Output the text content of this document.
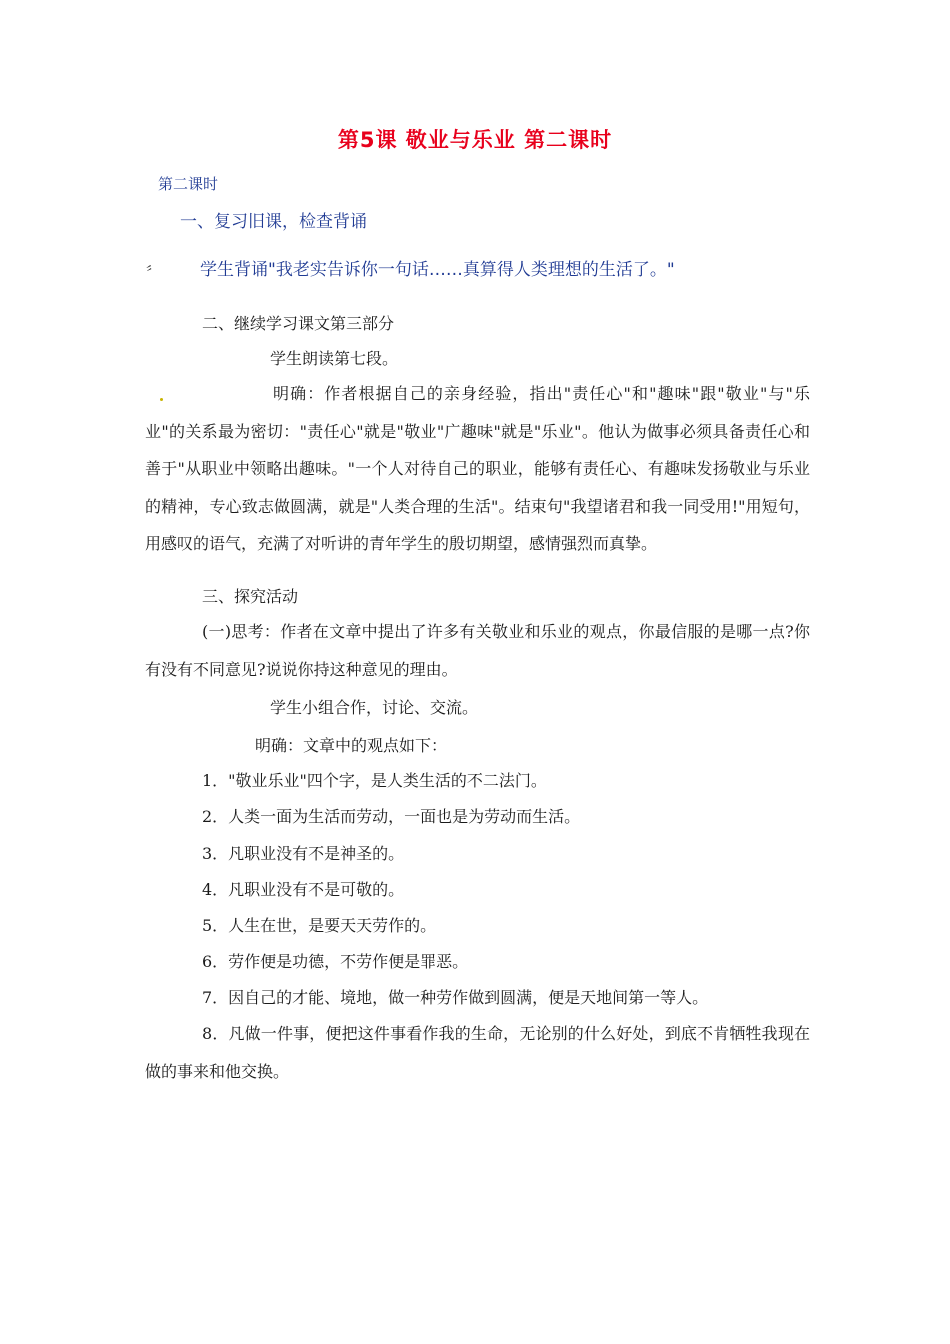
第5课 敬业与乐业 第二课时
第二课时
一、复习旧课，检查背诵
〞 学生背诵"我老实告诉你一句话……真算得人类理想的生活了。"
二、继续学习课文第三部分
学生朗读第七段。
明确：作者根据自己的亲身经验，指出"责任心"和"趣味"跟"敬业"与"乐业"的关系最为密切："责任心"就是"敬业"广趣味"就是"乐业"。他认为做事必须具备责任心和善于"从职业中领略出趣味。"一个人对待自己的职业，能够有责任心、有趣味发扬敬业与乐业的精神，专心致志做圆满，就是"人类合理的生活"。结束句"我望诸君和我一同受用!"用短句，用感叹的语气，充满了对听讲的青年学生的殷切期望，感情强烈而真挚。
三、探究活动
(一)思考：作者在文章中提出了许多有关敬业和乐业的观点，你最信服的是哪一点?你有没有不同意见?说说你持这种意见的理由。
学生小组合作，讨论、交流。
明确：文章中的观点如下：
1．"敬业乐业"四个字，是人类生活的不二法门。
2．人类一面为生活而劳动，一面也是为劳动而生活。
3．凡职业没有不是神圣的。
4．凡职业没有不是可敬的。
5．人生在世，是要天天劳作的。
6．劳作便是功德，不劳作便是罪恶。
7．因自己的才能、境地，做一种劳作做到圆满，便是天地间第一等人。
8．凡做一件事，便把这件事看作我的生命，无论别的什么好处，到底不肯牺牲我现在做的事来和他交换。
